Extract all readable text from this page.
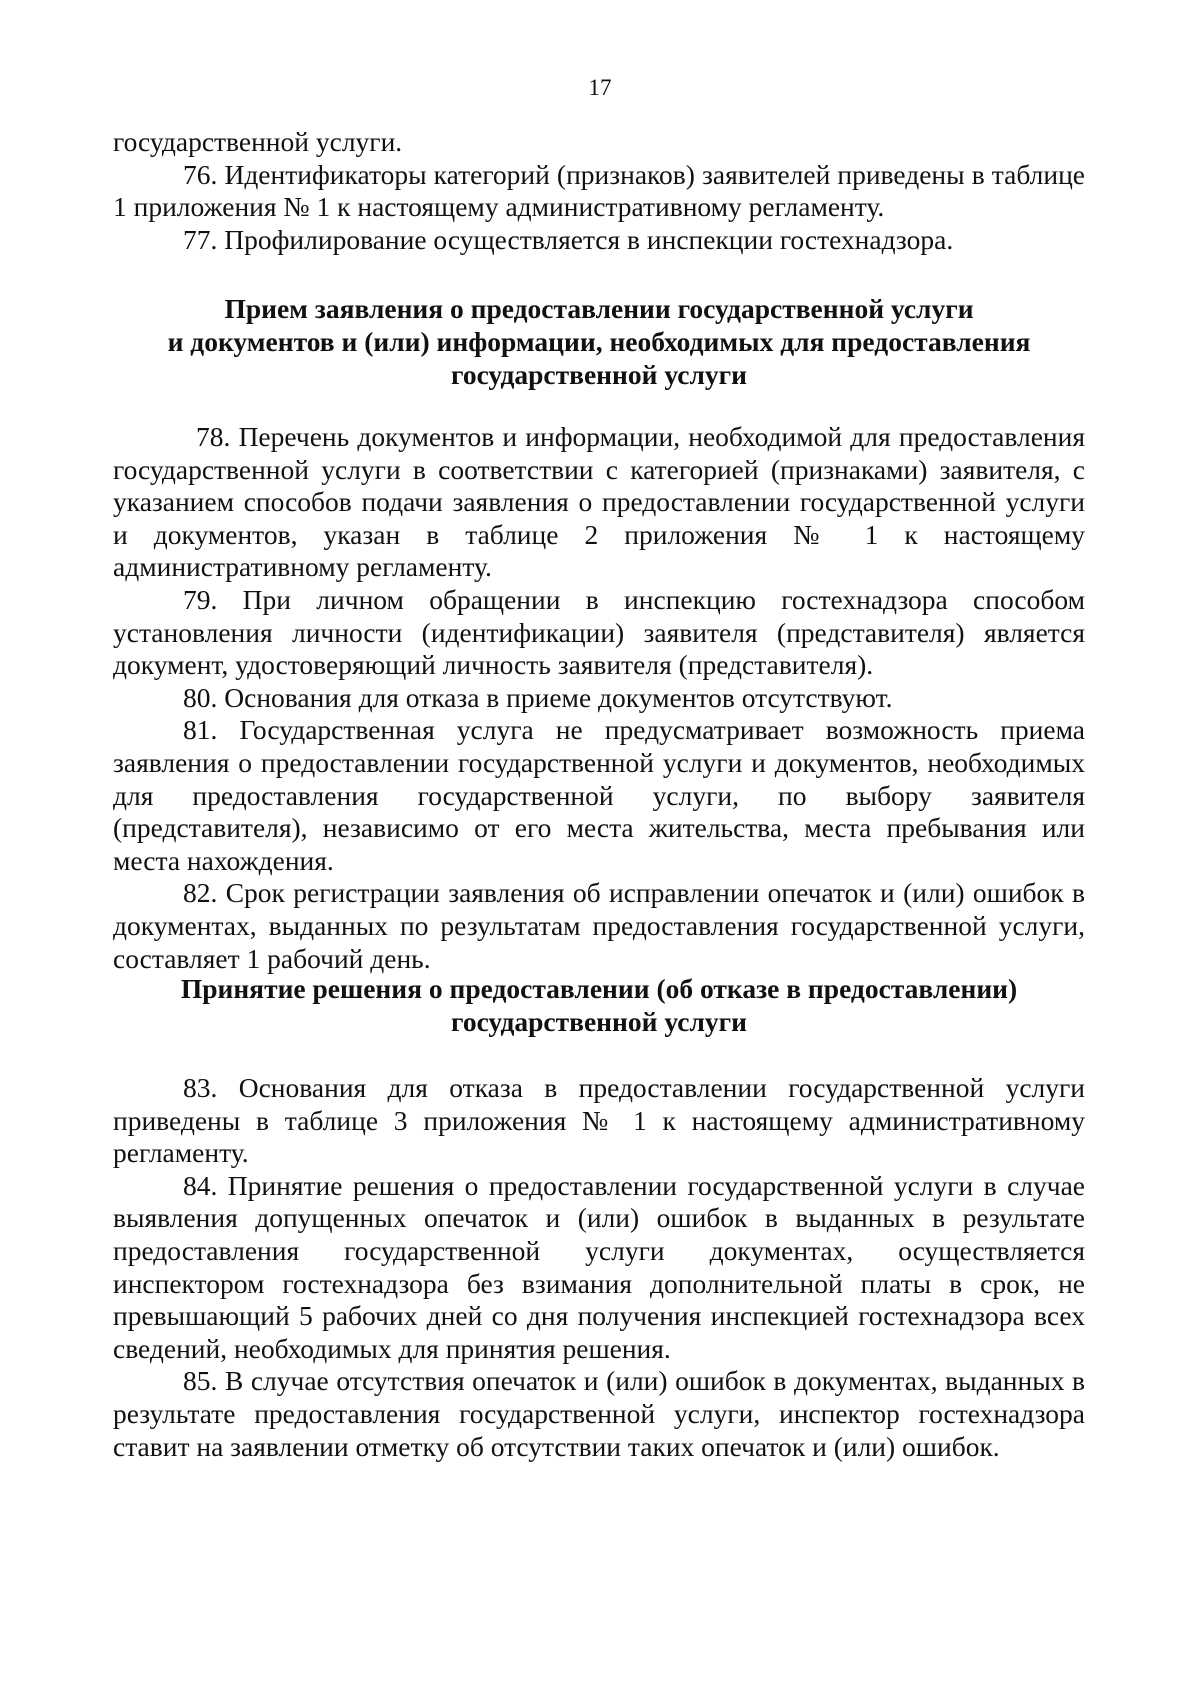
17

государственной услуги.

76. Идентификаторы категорий (признаков) заявителей приведены в таблице 1 приложения № 1 к настоящему административному регламенту.

77. Профилирование осуществляется в инспекции гостехнадзора.

Прием заявления о предоставлении государственной услуги
и документов и (или) информации, необходимых для предоставления
государственной услуги

78. Перечень документов и информации, необходимой для предоставления государственной услуги в соответствии с категорией (признаками) заявителя, с указанием способов подачи заявления о предоставлении государственной услуги и документов, указан в таблице 2 приложения № 1 к настоящему административному регламенту.

79. При личном обращении в инспекцию гостехнадзора способом установления личности (идентификации) заявителя (представителя) является документ, удостоверяющий личность заявителя (представителя).

80. Основания для отказа в приеме документов отсутствуют.

81. Государственная услуга не предусматривает возможность приема заявления о предоставлении государственной услуги и документов, необходимых для предоставления государственной услуги, по выбору заявителя (представителя), независимо от его места жительства, места пребывания или места нахождения.

82. Срок регистрации заявления об исправлении опечаток и (или) ошибок в документах, выданных по результатам предоставления государственной услуги, составляет 1 рабочий день.

Принятие решения о предоставлении (об отказе в предоставлении)
государственной услуги

83. Основания для отказа в предоставлении государственной услуги приведены в таблице 3 приложения № 1 к настоящему административному регламенту.

84. Принятие решения о предоставлении государственной услуги в случае выявления допущенных опечаток и (или) ошибок в выданных в результате предоставления государственной услуги документах, осуществляется инспектором гостехнадзора без взимания дополнительной платы в срок, не превышающий 5 рабочих дней со дня получения инспекцией гостехнадзора всех сведений, необходимых для принятия решения.

85. В случае отсутствия опечаток и (или) ошибок в документах, выданных в результате предоставления государственной услуги, инспектор гостехнадзора ставит на заявлении отметку об отсутствии таких опечаток и (или) ошибок.
